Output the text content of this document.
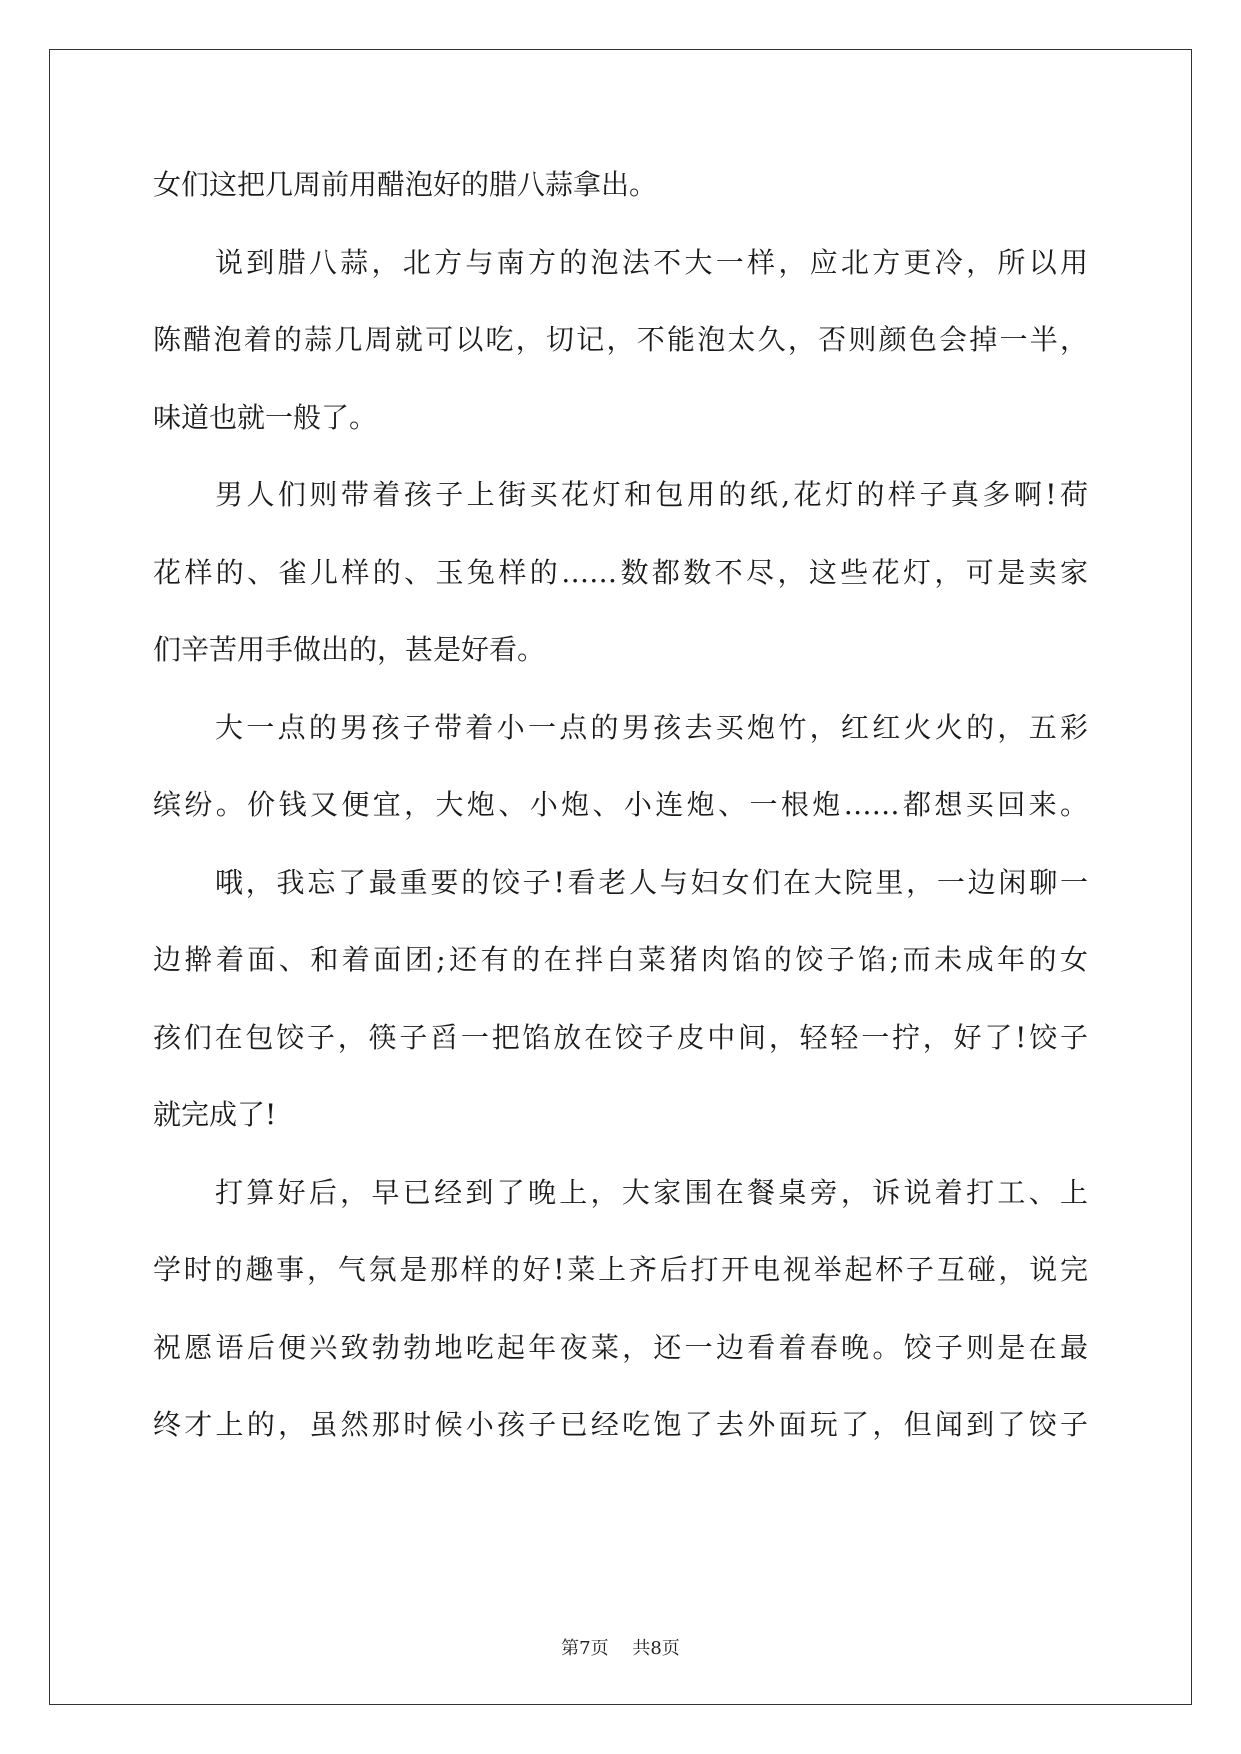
女们这把几周前用醋泡好的腊八蒜拿出。
说到腊八蒜，北方与南方的泡法不大一样，应北方更冷，所以用
陈醋泡着的蒜几周就可以吃，切记，不能泡太久，否则颜色会掉一半，
味道也就一般了。
男人们则带着孩子上街买花灯和包用的纸,花灯的样子真多啊!荷
花样的、雀儿样的、玉兔样的……数都数不尽，这些花灯，可是卖家
们辛苦用手做出的，甚是好看。
大一点的男孩子带着小一点的男孩去买炮竹，红红火火的，五彩
缤纷。价钱又便宜，大炮、小炮、小连炮、一根炮……都想买回来。
哦，我忘了最重要的饺子!看老人与妇女们在大院里，一边闲聊一
边擀着面、和着面团;还有的在拌白菜猪肉馅的饺子馅;而未成年的女
孩们在包饺子，筷子舀一把馅放在饺子皮中间，轻轻一拧，好了!饺子
就完成了!
打算好后，早已经到了晚上，大家围在餐桌旁，诉说着打工、上
学时的趣事，气氛是那样的好!菜上齐后打开电视举起杯子互碰，说完
祝愿语后便兴致勃勃地吃起年夜菜，还一边看着春晚。饺子则是在最
终才上的，虽然那时候小孩子已经吃饱了去外面玩了，但闻到了饺子
第7页 共8页
